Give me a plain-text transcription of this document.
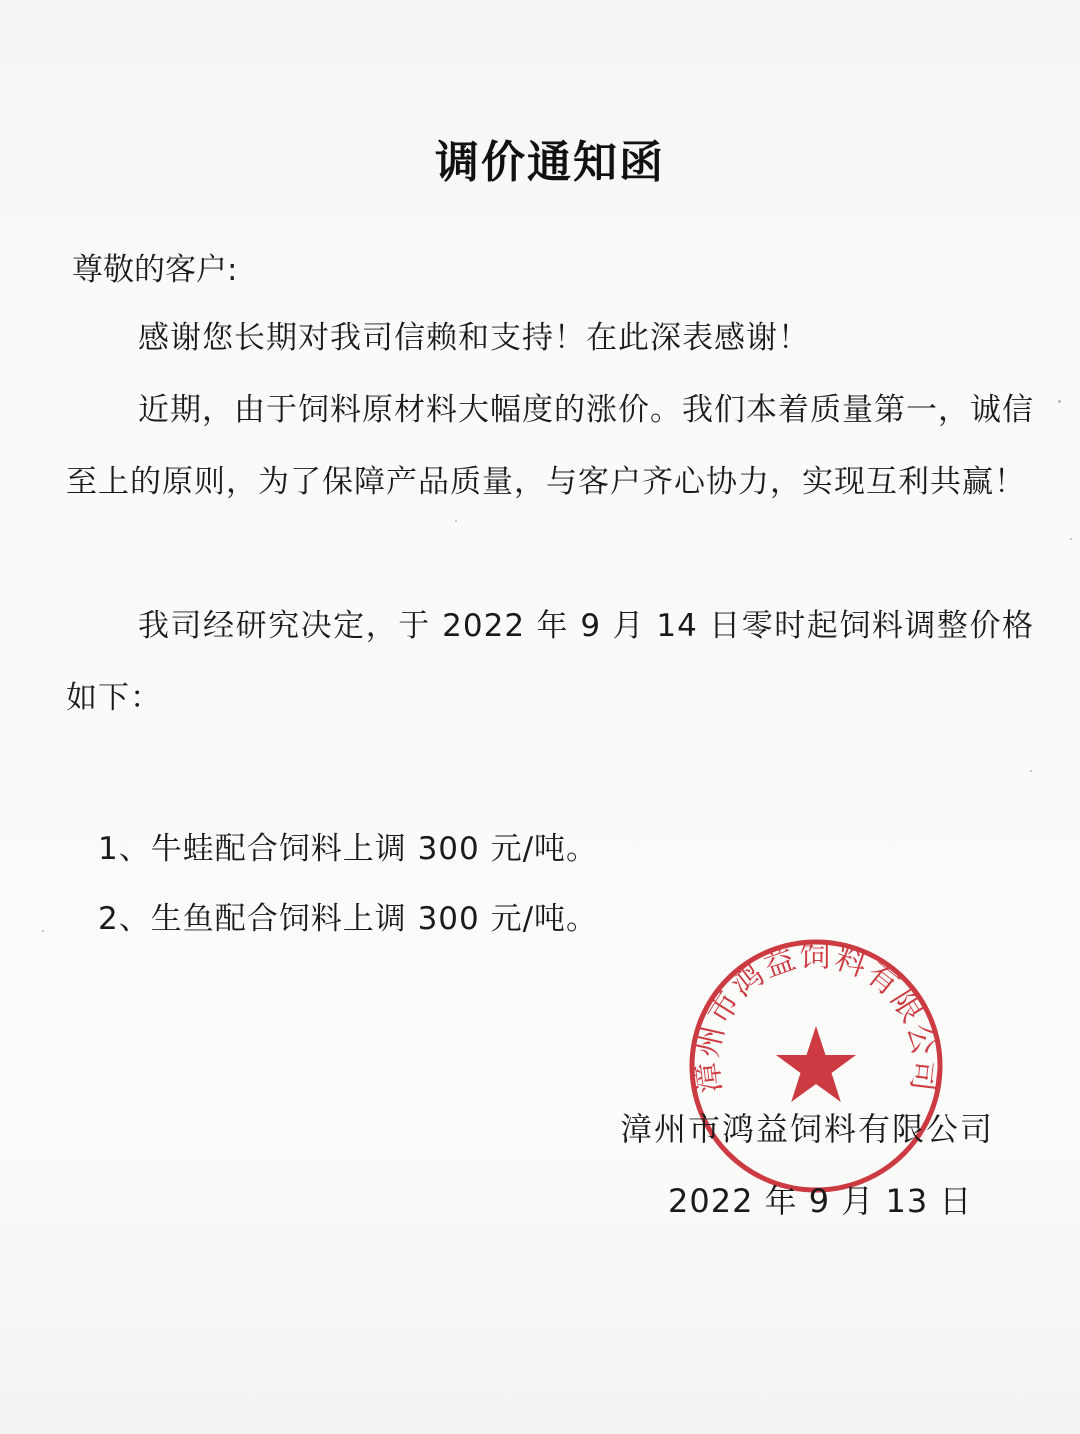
调价通知函
尊敬的客户:
感谢您长期对我司信赖和支持！在此深表感谢！
近期，由于饲料原材料大幅度的涨价。我们本着质量第一，诚信至上的原则，为了保障产品质量，与客户齐心协力，实现互利共赢！
我司经研究决定，于 2022 年 9 月 14 日零时起饲料调整价格如下：
1、牛蛙配合饲料上调 300 元/吨。
2、生鱼配合饲料上调 300 元/吨。
漳州市鸿益饲料有限公司
漳州市鸿益饲料有限公司
2022 年 9 月 13 日
